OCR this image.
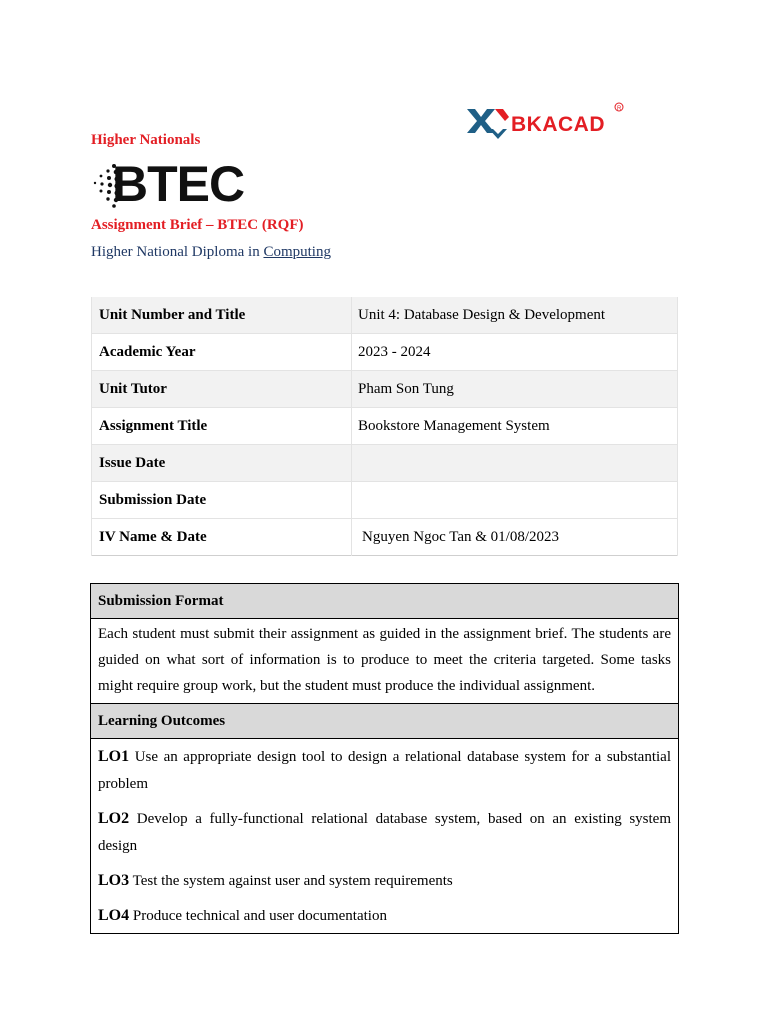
BKACAD
R
Higher Nationals
BTEC
Assignment Brief – BTEC (RQF)
Higher National Diploma in Computing
Unit Number and Title	Unit 4: Database Design & Development
Academic Year	2023 - 2024
Unit Tutor	Pham Son Tung
Assignment Title	Bookstore Management System
Issue Date	
Submission Date	
IV Name & Date	Nguyen Ngoc Tan & 01/08/2023
Submission Format
Each student must submit their assignment as guided in the assignment brief. The students are guided on what sort of information is to produce to meet the criteria targeted. Some tasks might require group work, but the student must produce the individual assignment.
Learning Outcomes

LO1 Use an appropriate design tool to design a relational database system for a substantial problem

LO2 Develop a fully-functional relational database system, based on an existing system design

LO3 Test the system against user and system requirements

LO4 Produce technical and user documentation
